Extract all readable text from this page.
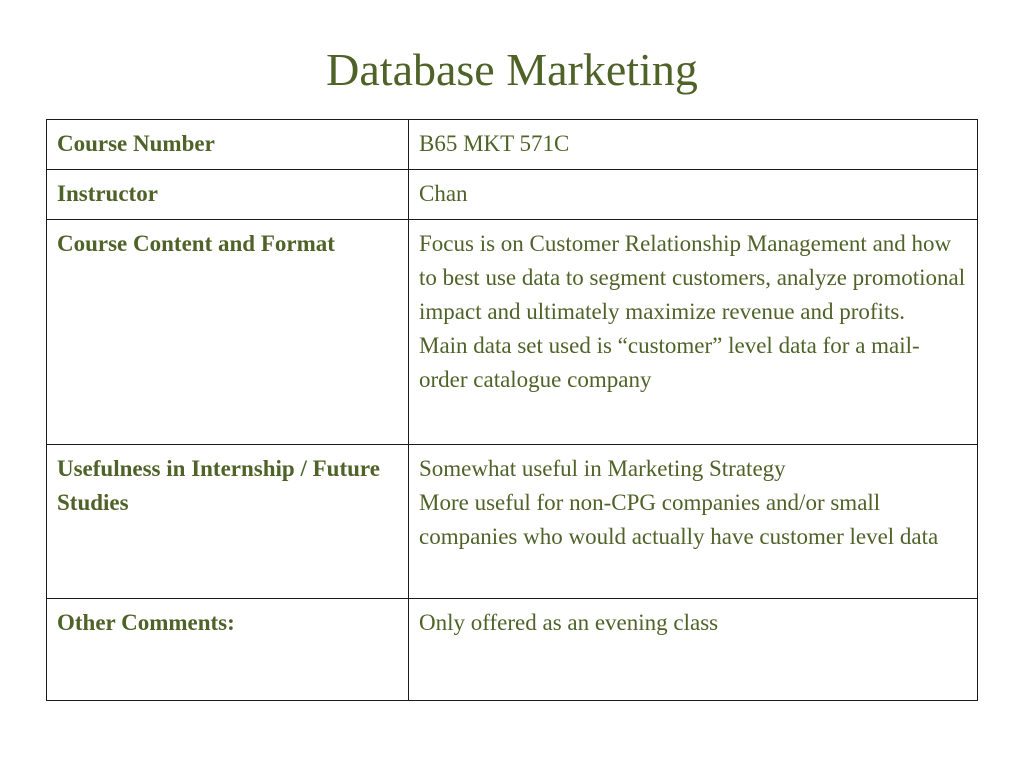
Database Marketing
Course Number	B65 MKT 571C

Instructor	Chan

Course Content and Format	Focus is on Customer Relationship Management and how to best use data to segment customers, analyze promotional impact and ultimately maximize revenue and profits.
Main data set used is “customer” level data for a mail-order catalogue company

Usefulness in Internship / Future Studies	Somewhat useful in Marketing Strategy
More useful for non-CPG companies and/or small companies who would actually have customer level data

Other Comments:	Only offered as an evening class
